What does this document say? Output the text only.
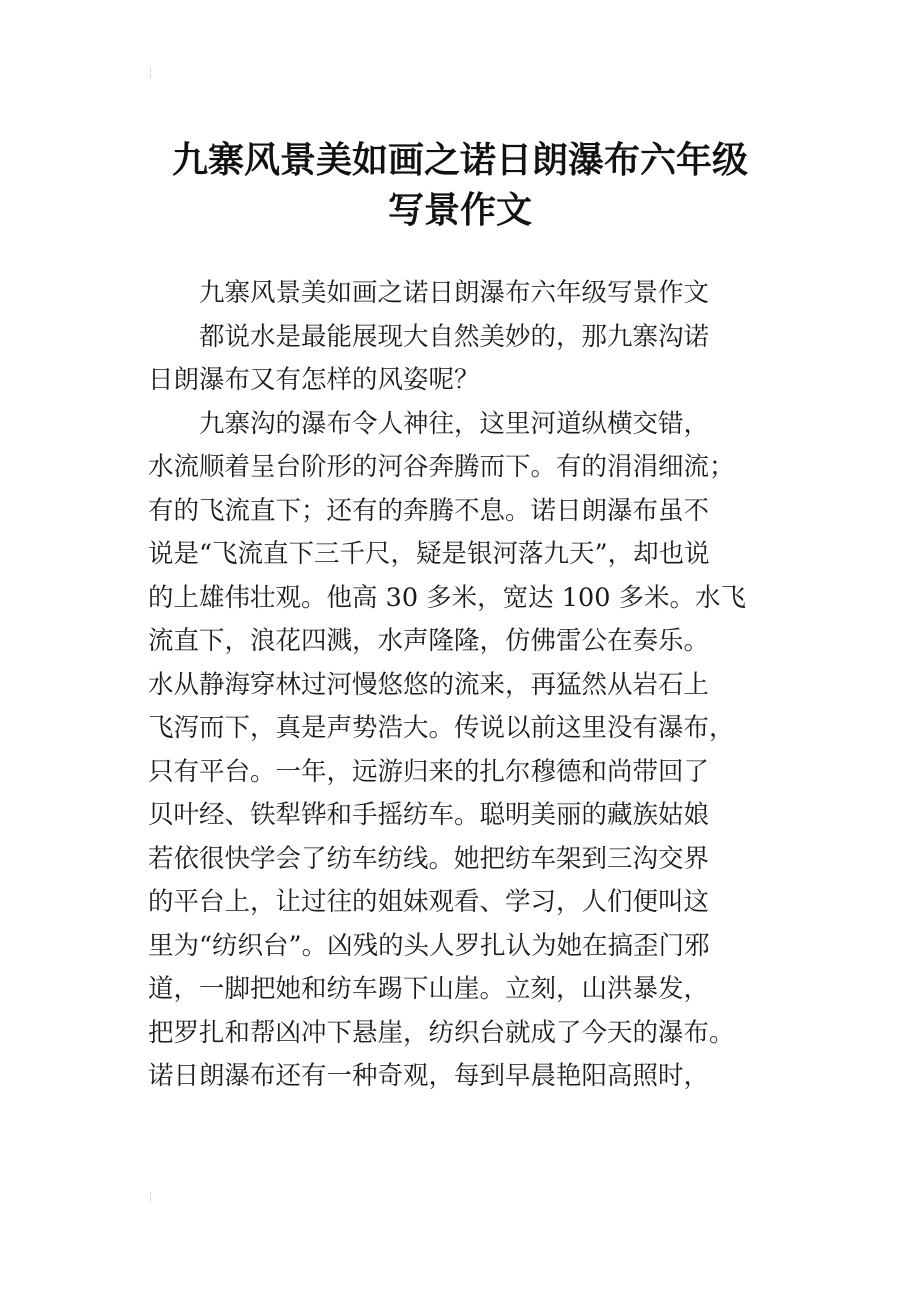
九寨风景美如画之诺日朗瀑布六年级
写景作文

九寨风景美如画之诺日朗瀑布六年级写景作文

都说水是最能展现大自然美妙的，那九寨沟诺
日朗瀑布又有怎样的风姿呢？

九寨沟的瀑布令人神往，这里河道纵横交错，
水流顺着呈台阶形的河谷奔腾而下。有的涓涓细流；
有的飞流直下；还有的奔腾不息。诺日朗瀑布虽不
说是“飞流直下三千尺，疑是银河落九天”，却也说
的上雄伟壮观。他高 30 多米，宽达 100 多米。水飞
流直下，浪花四溅，水声隆隆，仿佛雷公在奏乐。
水从静海穿林过河慢悠悠的流来，再猛然从岩石上
飞泻而下，真是声势浩大。传说以前这里没有瀑布，
只有平台。一年，远游归来的扎尔穆德和尚带回了
贝叶经、铁犁铧和手摇纺车。聪明美丽的藏族姑娘
若依很快学会了纺车纺线。她把纺车架到三沟交界
的平台上，让过往的姐妹观看、学习，人们便叫这
里为“纺织台”。凶残的头人罗扎认为她在搞歪门邪
道，一脚把她和纺车踢下山崖。立刻，山洪暴发，
把罗扎和帮凶冲下悬崖，纺织台就成了今天的瀑布。
诺日朗瀑布还有一种奇观，每到早晨艳阳高照时，
